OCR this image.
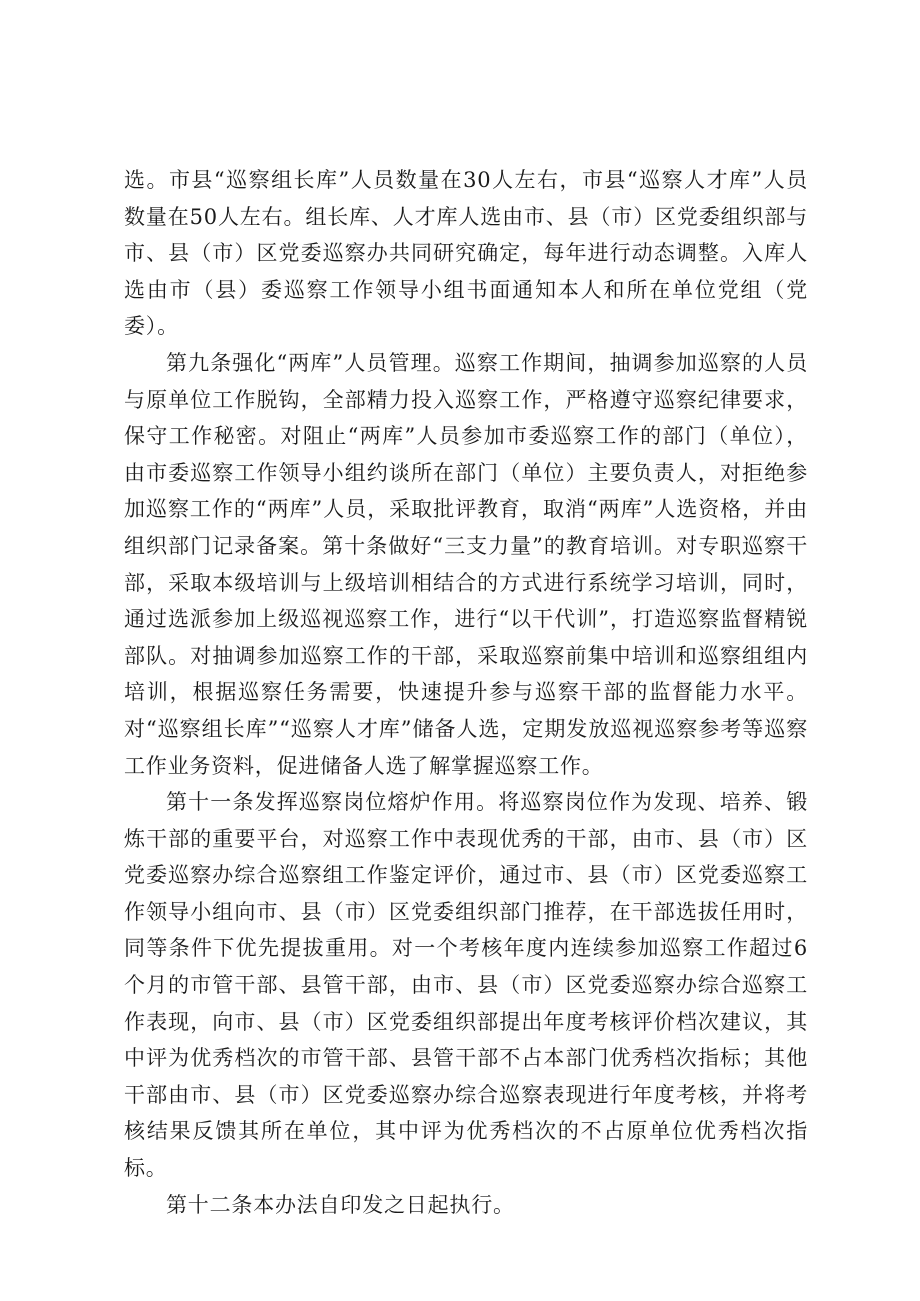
选。市县“巡察组长库”人员数量在30人左右，市县“巡察人才库”人员数量在50人左右。组长库、人才库人选由市、县（市）区党委组织部与市、县（市）区党委巡察办共同研究确定，每年进行动态调整。入库人选由市（县）委巡察工作领导小组书面通知本人和所在单位党组（党委）。

第九条强化“两库”人员管理。巡察工作期间，抽调参加巡察的人员与原单位工作脱钩，全部精力投入巡察工作，严格遵守巡察纪律要求，保守工作秘密。对阻止“两库”人员参加市委巡察工作的部门（单位），由市委巡察工作领导小组约谈所在部门（单位）主要负责人，对拒绝参加巡察工作的“两库”人员，采取批评教育，取消“两库”人选资格，并由组织部门记录备案。第十条做好“三支力量”的教育培训。对专职巡察干部，采取本级培训与上级培训相结合的方式进行系统学习培训，同时，通过选派参加上级巡视巡察工作，进行“以干代训”，打造巡察监督精锐部队。对抽调参加巡察工作的干部，采取巡察前集中培训和巡察组组内培训，根据巡察任务需要，快速提升参与巡察干部的监督能力水平。对“巡察组长库”“巡察人才库”储备人选，定期发放巡视巡察参考等巡察工作业务资料，促进储备人选了解掌握巡察工作。

第十一条发挥巡察岗位熔炉作用。将巡察岗位作为发现、培养、锻炼干部的重要平台，对巡察工作中表现优秀的干部，由市、县（市）区党委巡察办综合巡察组工作鉴定评价，通过市、县（市）区党委巡察工作领导小组向市、县（市）区党委组织部门推荐，在干部选拔任用时，同等条件下优先提拔重用。对一个考核年度内连续参加巡察工作超过6个月的市管干部、县管干部，由市、县（市）区党委巡察办综合巡察工作表现，向市、县（市）区党委组织部提出年度考核评价档次建议，其中评为优秀档次的市管干部、县管干部不占本部门优秀档次指标；其他干部由市、县（市）区党委巡察办综合巡察表现进行年度考核，并将考核结果反馈其所在单位，其中评为优秀档次的不占原单位优秀档次指标。

第十二条本办法自印发之日起执行。
